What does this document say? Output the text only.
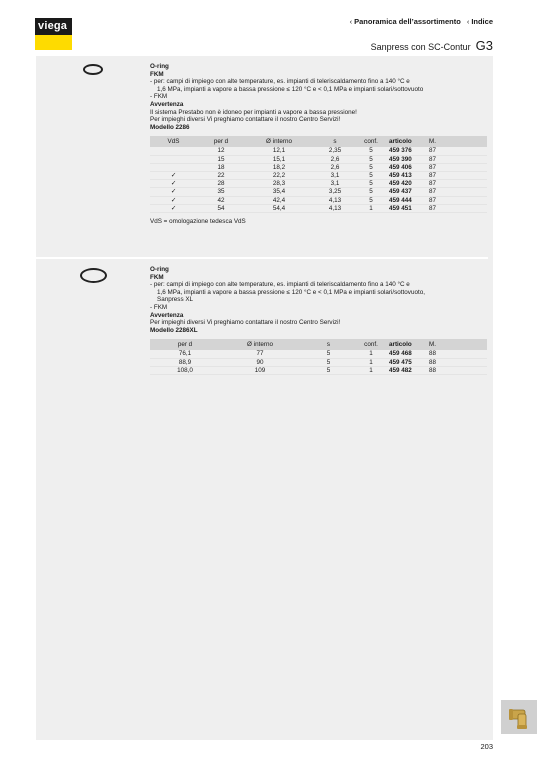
viega	‹ Panoramica dell’assortimento ‹ Indice
Sanpress con SC-Contur G3
O-ring
FKM
- per: campi di impiego con alte temperature, es. impianti di teleriscaldamento fino a 140 °C e
1,6 MPa, impianti a vapore a bassa pressione ≤ 120 °C e < 0,1 MPa e impianti solari/sottovuoto
- FKM
Avvertenza
Il sistema Prestabo non è idoneo per impianti a vapore a bassa pressione!
Per impieghi diversi Vi preghiamo contattare il nostro Centro Servizi!
Modello 2286
VdS	per d	Ø interno	s	conf.	articolo	M.
	12	12,1	2,35	5	459 376	87
	15	15,1	2,6	5	459 390	87
	18	18,2	2,6	5	459 406	87
✓	22	22,2	3,1	5	459 413	87
✓	28	28,3	3,1	5	459 420	87
✓	35	35,4	3,25	5	459 437	87
✓	42	42,4	4,13	5	459 444	87
✓	54	54,4	4,13	1	459 451	87
VdS = omologazione tedesca VdS
O-ring
FKM
- per: campi di impiego con alte temperature, es. impianti di teleriscaldamento fino a 140 °C e
1,6 MPa, impianti a vapore a bassa pressione ≤ 120 °C e < 0,1 MPa e impianti solari/sottovuoto,
Sanpress XL
- FKM
Avvertenza
Per impieghi diversi Vi preghiamo contattare il nostro Centro Servizi!
Modello 2286XL
per d	Ø interno	s	conf.	articolo	M.
76,1	77	5	1	459 468	88
88,9	90	5	1	459 475	88
108,0	109	5	1	459 482	88
203
